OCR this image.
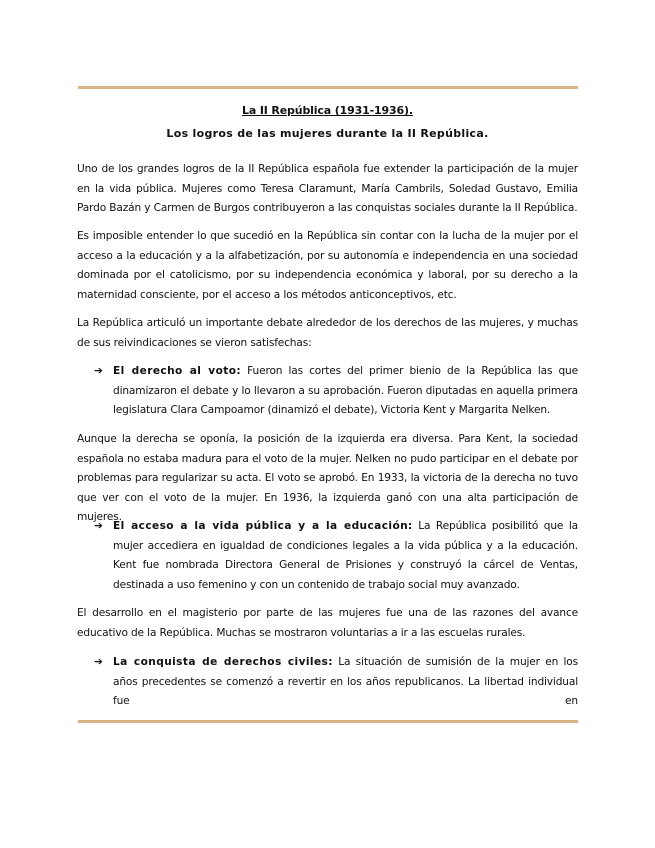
La II República (1931-1936).

Los logros de las mujeres durante la II República.

Uno de los grandes logros de la II República española fue extender la participación de la mujer en la vida pública. Mujeres como Teresa Claramunt, María Cambrils, Soledad Gustavo, Emilia Pardo Bazán y Carmen de Burgos contribuyeron a las conquistas sociales durante la II República.

Es imposible entender lo que sucedió en la República sin contar con la lucha de la mujer por el acceso a la educación y a la alfabetización, por su autonomía e independencia en una sociedad dominada por el catolicismo, por su independencia económica y laboral, por su derecho a la maternidad consciente, por el acceso a los métodos anticonceptivos, etc.

La República articuló un importante debate alrededor de los derechos de las mujeres, y muchas de sus reivindicaciones se vieron satisfechas:

➔ El derecho al voto: Fueron las cortes del primer bienio de la República las que dinamizaron el debate y lo llevaron a su aprobación. Fueron diputadas en aquella primera legislatura Clara Campoamor (dinamizó el debate), Victoria Kent y Margarita Nelken.

Aunque la derecha se oponía, la posición de la izquierda era diversa. Para Kent, la sociedad española no estaba madura para el voto de la mujer. Nelken no pudo participar en el debate por problemas para regularizar su acta. El voto se aprobó. En 1933, la victoria de la derecha no tuvo que ver con el voto de la mujer. En 1936, la izquierda ganó con una alta participación de mujeres.

➔ El acceso a la vida pública y a la educación: La República posibilitó que la mujer accediera en igualdad de condiciones legales a la vida pública y a la educación. Kent fue nombrada Directora General de Prisiones y construyó la cárcel de Ventas, destinada a uso femenino y con un contenido de trabajo social muy avanzado.

El desarrollo en el magisterio por parte de las mujeres fue una de las razones del avance educativo de la República. Muchas se mostraron voluntarias a ir a las escuelas rurales.

➔ La conquista de derechos civiles: La situación de sumisión de la mujer en los años precedentes se comenzó a revertir en los años republicanos. La libertad individual fue en
